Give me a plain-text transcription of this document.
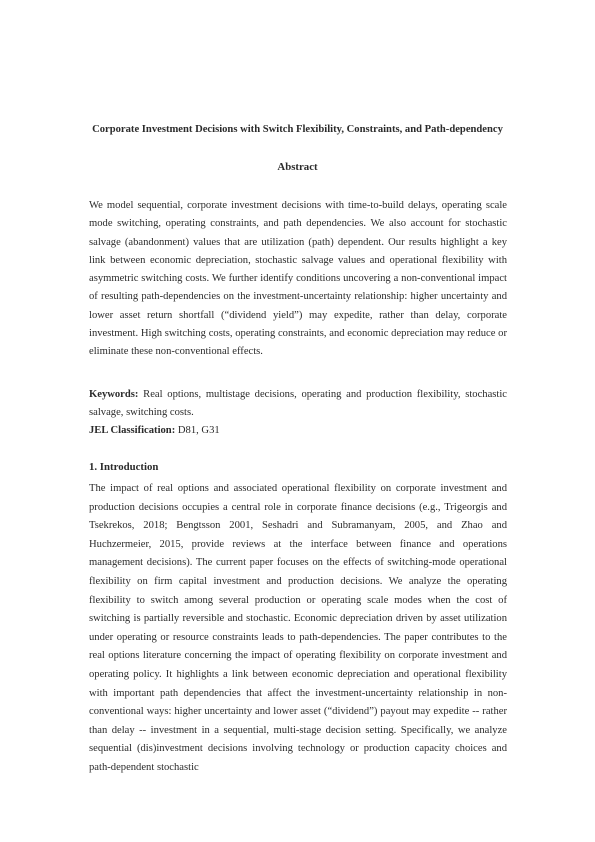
Corporate Investment Decisions with Switch Flexibility, Constraints, and Path-dependency
Abstract

We model sequential, corporate investment decisions with time-to-build delays, operating scale mode switching, operating constraints, and path dependencies. We also account for stochastic salvage (abandonment) values that are utilization (path) dependent. Our results highlight a key link between economic depreciation, stochastic salvage values and operational flexibility with asymmetric switching costs. We further identify conditions uncovering a non-conventional impact of resulting path-dependencies on the investment-uncertainty relationship: higher uncertainty and lower asset return shortfall (“dividend yield”) may expedite, rather than delay, corporate investment. High switching costs, operating constraints, and economic depreciation may reduce or eliminate these non-conventional effects.

Keywords: Real options, multistage decisions, operating and production flexibility, stochastic salvage, switching costs.

JEL Classification: D81, G31

1. Introduction

The impact of real options and associated operational flexibility on corporate investment and production decisions occupies a central role in corporate finance decisions (e.g., Trigeorgis and Tsekrekos, 2018; Bengtsson 2001, Seshadri and Subramanyam, 2005, and Zhao and Huchzermeier, 2015, provide reviews at the interface between finance and operations management decisions). The current paper focuses on the effects of switching-mode operational flexibility on firm capital investment and production decisions. We analyze the operating flexibility to switch among several production or operating scale modes when the cost of switching is partially reversible and stochastic. Economic depreciation driven by asset utilization under operating or resource constraints leads to path-dependencies. The paper contributes to the real options literature concerning the impact of operating flexibility on corporate investment and operating policy. It highlights a link between economic depreciation and operational flexibility with important path dependencies that affect the investment-uncertainty relationship in non-conventional ways: higher uncertainty and lower asset (“dividend”) payout may expedite -- rather than delay -- investment in a sequential, multi-stage decision setting. Specifically, we analyze sequential (dis)investment decisions involving technology or production capacity choices and path-dependent stochastic
